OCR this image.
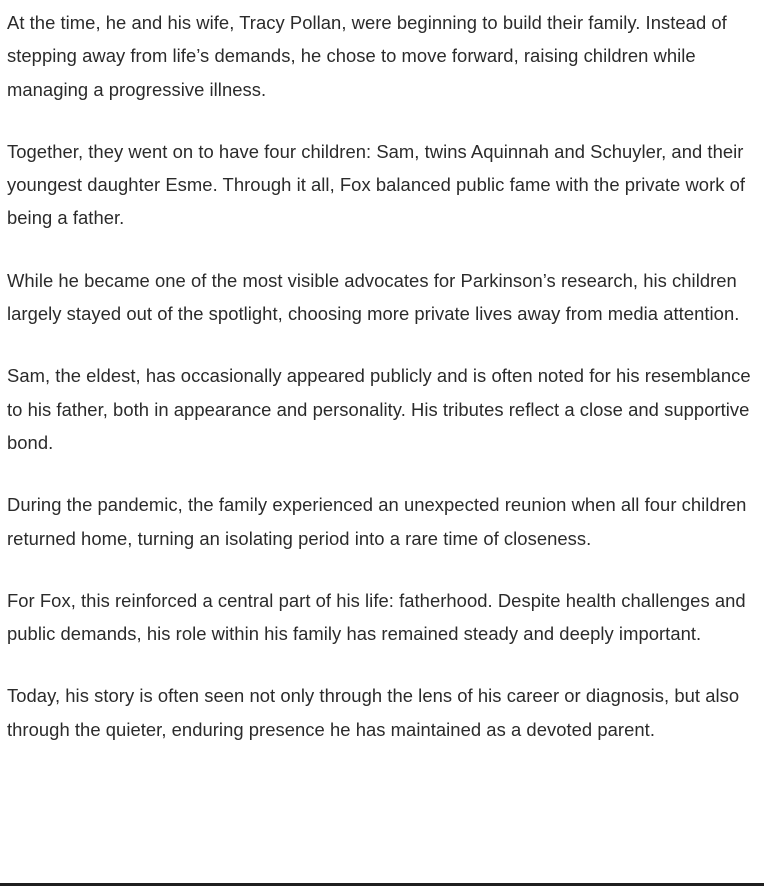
At the time, he and his wife, Tracy Pollan, were beginning to build their family. Instead of stepping away from life’s demands, he chose to move forward, raising children while managing a progressive illness.

Together, they went on to have four children: Sam, twins Aquinnah and Schuyler, and their youngest daughter Esme. Through it all, Fox balanced public fame with the private work of being a father.

While he became one of the most visible advocates for Parkinson’s research, his children largely stayed out of the spotlight, choosing more private lives away from media attention.

Sam, the eldest, has occasionally appeared publicly and is often noted for his resemblance to his father, both in appearance and personality. His tributes reflect a close and supportive bond.

During the pandemic, the family experienced an unexpected reunion when all four children returned home, turning an isolating period into a rare time of closeness.

For Fox, this reinforced a central part of his life: fatherhood. Despite health challenges and public demands, his role within his family has remained steady and deeply important.

Today, his story is often seen not only through the lens of his career or diagnosis, but also through the quieter, enduring presence he has maintained as a devoted parent.
